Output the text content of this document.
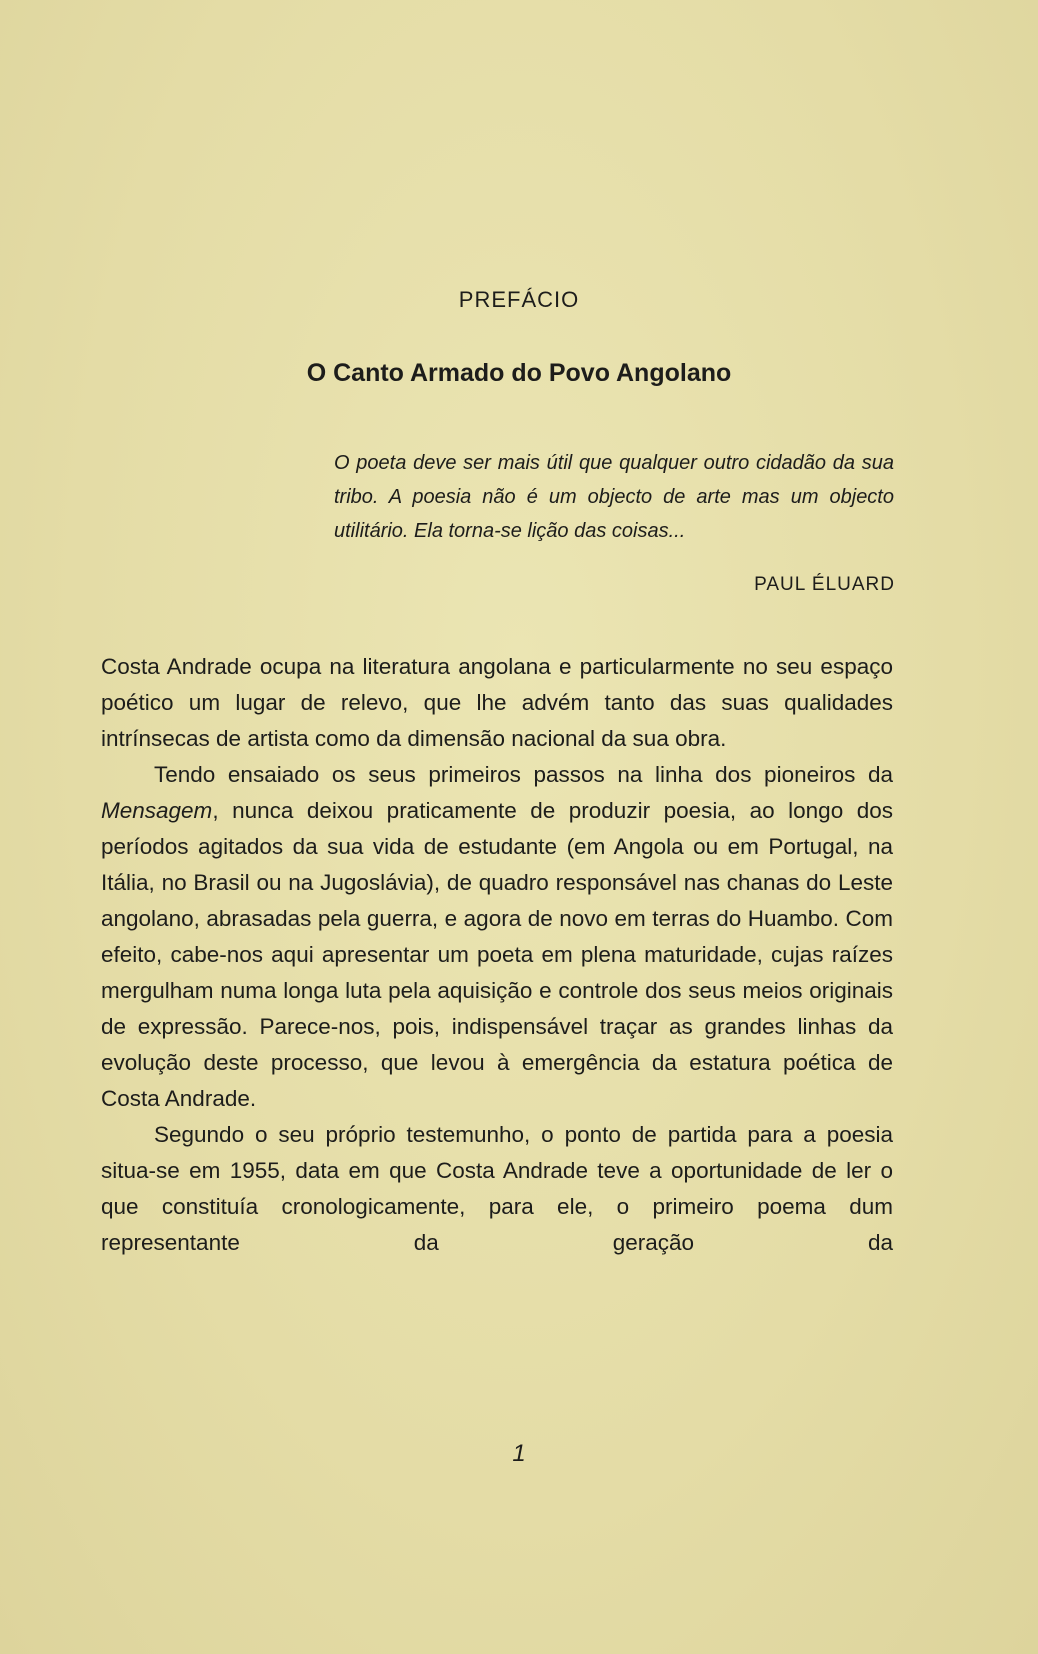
PREFÁCIO
O Canto Armado do Povo Angolano
O poeta deve ser mais útil que qualquer outro cidadão da sua tribo. A poesia não é um objecto de arte mas um objecto utilitário. Ela torna-se lição das coisas...
PAUL ÉLUARD

Costa Andrade ocupa na literatura angolana e particularmente no seu espaço poético um lugar de relevo, que lhe advém tanto das suas qualidades intrínsecas de artista como da dimensão nacional da sua obra.

Tendo ensaiado os seus primeiros passos na linha dos pioneiros da Mensagem, nunca deixou praticamente de produzir poesia, ao longo dos períodos agitados da sua vida de estudante (em Angola ou em Portugal, na Itália, no Brasil ou na Jugoslávia), de quadro responsável nas chanas do Leste angolano, abrasadas pela guerra, e agora de novo em terras do Huambo. Com efeito, cabe-nos aqui apresentar um poeta em plena maturidade, cujas raízes mergulham numa longa luta pela aquisição e controle dos seus meios originais de expressão. Parece-nos, pois, indispensável traçar as grandes linhas da evolução deste processo, que levou à emergência da estatura poética de Costa Andrade.

Segundo o seu próprio testemunho, o ponto de partida para a poesia situa-se em 1955, data em que Costa Andrade teve a oportunidade de ler o que constituía cronologicamente, para ele, o primeiro poema dum representante da geração da

1
